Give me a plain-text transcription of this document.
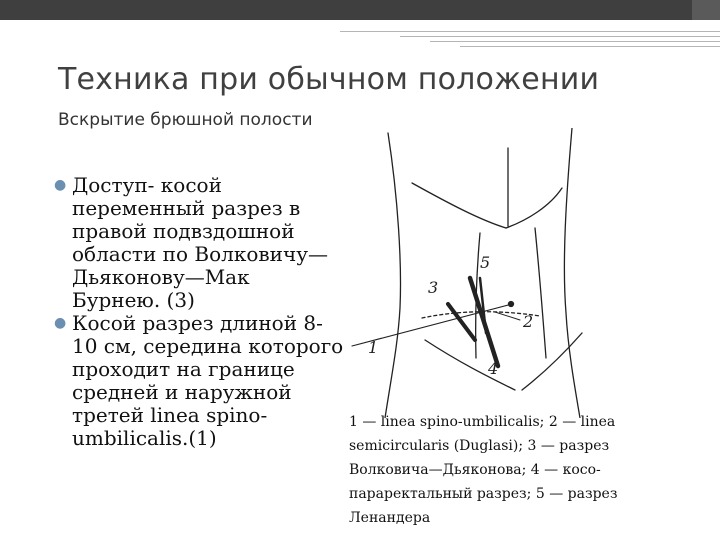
Техника при обычном положении
Вскрытие брюшной полости
● Доступ- косой переменный разрез в правой подвздошной области по Волковичу—Дьяконову—Мак Бурнею. (3)
● Косой разрез длиной 8-10 см, середина которого проходит на границе средней и наружной третей linea spino-umbilicalis.(1)
1
2
3
4
5
1 — linea spino-umbilicalis; 2 — linea semicircularis (Duglasi); 3 — разрез Волковича—Дьяконова; 4 — косо-параректальный разрез; 5 — разрез Ленандера
